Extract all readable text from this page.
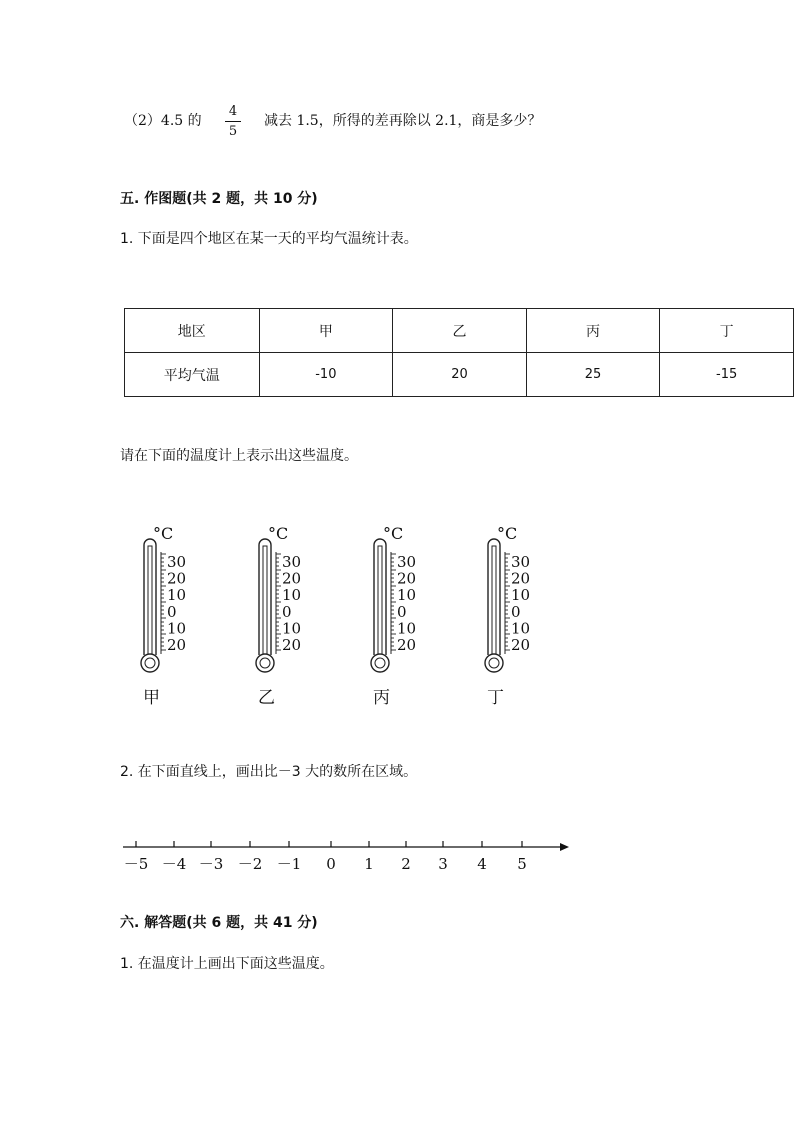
（2）4.5 的
4
5
减去 1.5，所得的差再除以 2.1，商是多少？
五. 作图题(共 2 题，共 10 分)
1. 下面是四个地区在某一天的平均气温统计表。
地区	甲	乙	丙	丁
平均气温	-10	20	25	-15
请在下面的温度计上表示出这些温度。
30
20
10
0
10
20
°C
甲
30
20
10
0
10
20
°C
乙
30
20
10
0
10
20
°C
丙
30
20
10
0
10
20
°C
丁
2. 在下面直线上，画出比－3 大的数所在区域。
－5 －4 －3 －2 －1 0 1 2 3 4 5
六. 解答题(共 6 题，共 41 分)
1. 在温度计上画出下面这些温度。
